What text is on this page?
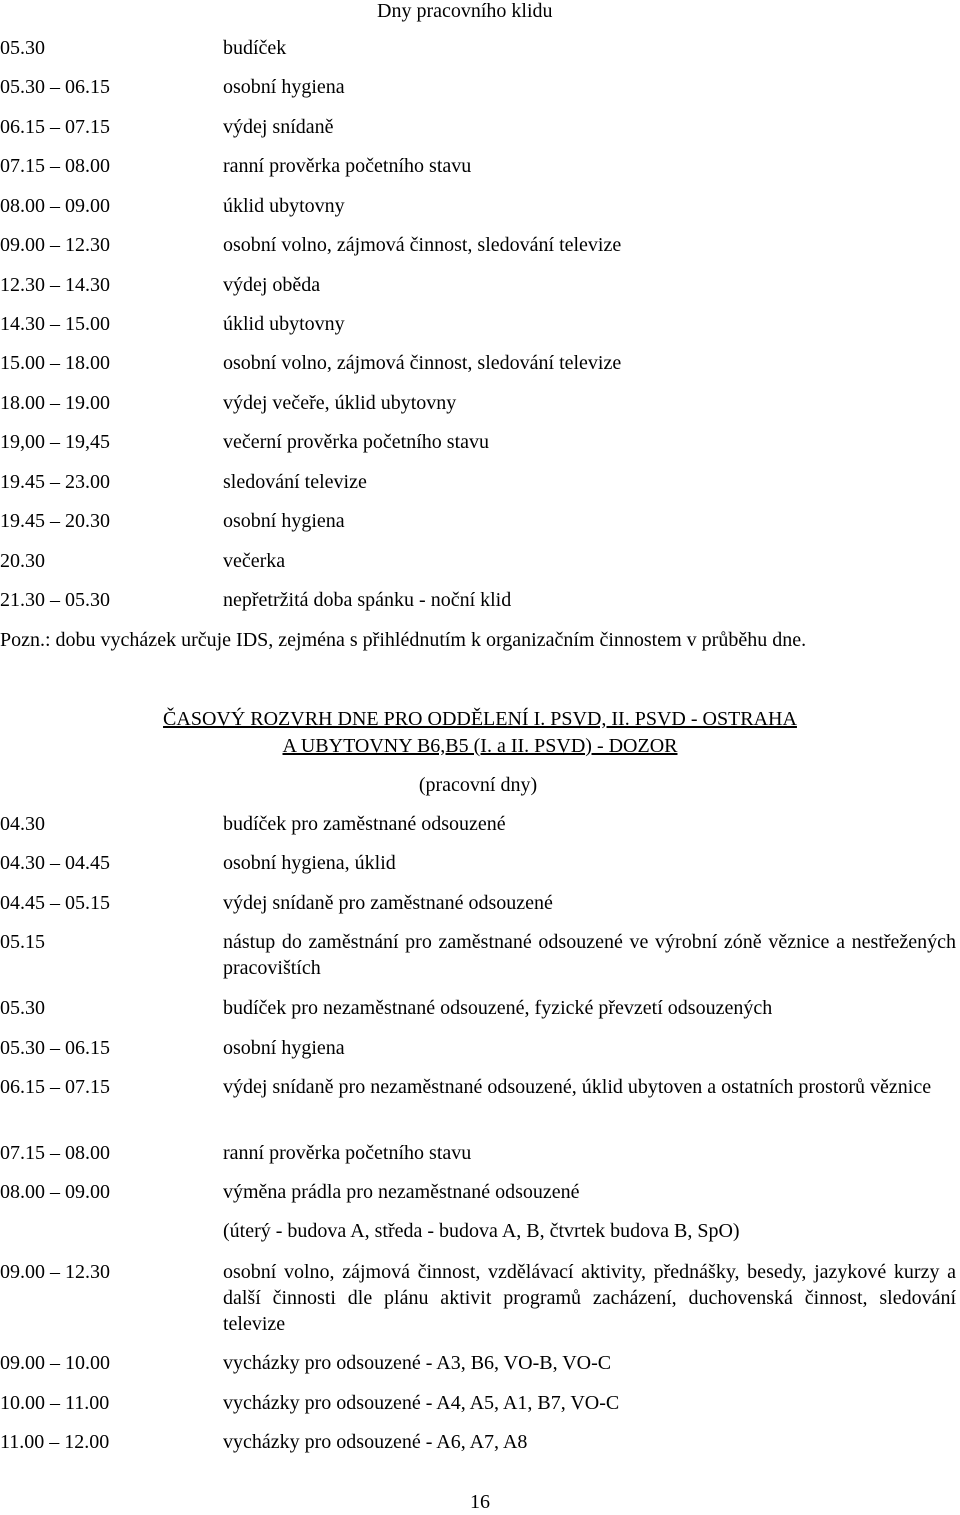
Dny pracovního klidu
05.30	budíček
05.30 – 06.15	osobní hygiena
06.15 – 07.15	výdej snídaně
07.15 – 08.00	ranní prověrka početního stavu
08.00 – 09.00	úklid ubytovny
09.00 – 12.30	osobní volno, zájmová činnost, sledování televize
12.30 – 14.30	výdej oběda
14.30 – 15.00	úklid ubytovny
15.00 – 18.00	osobní volno, zájmová činnost, sledování televize
18.00 – 19.00	výdej večeře, úklid ubytovny
19,00 – 19,45	večerní prověrka početního stavu
19.45 – 23.00	sledování televize
19.45 – 20.30	osobní hygiena
20.30	večerka
21.30 – 05.30	nepřetržitá doba spánku - noční klid
Pozn.: dobu vycházek určuje IDS, zejména s přihlédnutím k organizačním činnostem v průběhu dne.
ČASOVÝ ROZVRH DNE PRO ODDĚLENÍ I. PSVD, II. PSVD - OSTRAHA
A UBYTOVNY B6,B5 (I. a II. PSVD) - DOZOR
(pracovní dny)
04.30	budíček pro zaměstnané odsouzené
04.30 – 04.45	osobní hygiena, úklid
04.45 – 05.15	výdej snídaně pro zaměstnané odsouzené
05.15	nástup do zaměstnání pro zaměstnané odsouzené ve výrobní zóně věznice a nestřežených pracovištích
05.30	budíček pro nezaměstnané odsouzené, fyzické převzetí odsouzených
05.30 – 06.15	osobní hygiena
06.15 – 07.15	výdej snídaně pro nezaměstnané odsouzené, úklid ubytoven a ostatních prostorů věznice
07.15 – 08.00	ranní prověrka početního stavu
08.00 – 09.00	výměna prádla pro nezaměstnané odsouzené
(úterý - budova A, středa - budova A, B, čtvrtek budova B, SpO)
09.00 – 12.30	osobní volno, zájmová činnost, vzdělávací aktivity, přednášky, besedy, jazykové kurzy a další činnosti dle plánu aktivit programů zacházení, duchovenská činnost, sledování televize
09.00 – 10.00	vycházky pro odsouzené - A3, B6, VO-B, VO-C
10.00 – 11.00	vycházky pro odsouzené - A4, A5, A1, B7, VO-C
11.00 – 12.00	vycházky pro odsouzené - A6, A7, A8
16
